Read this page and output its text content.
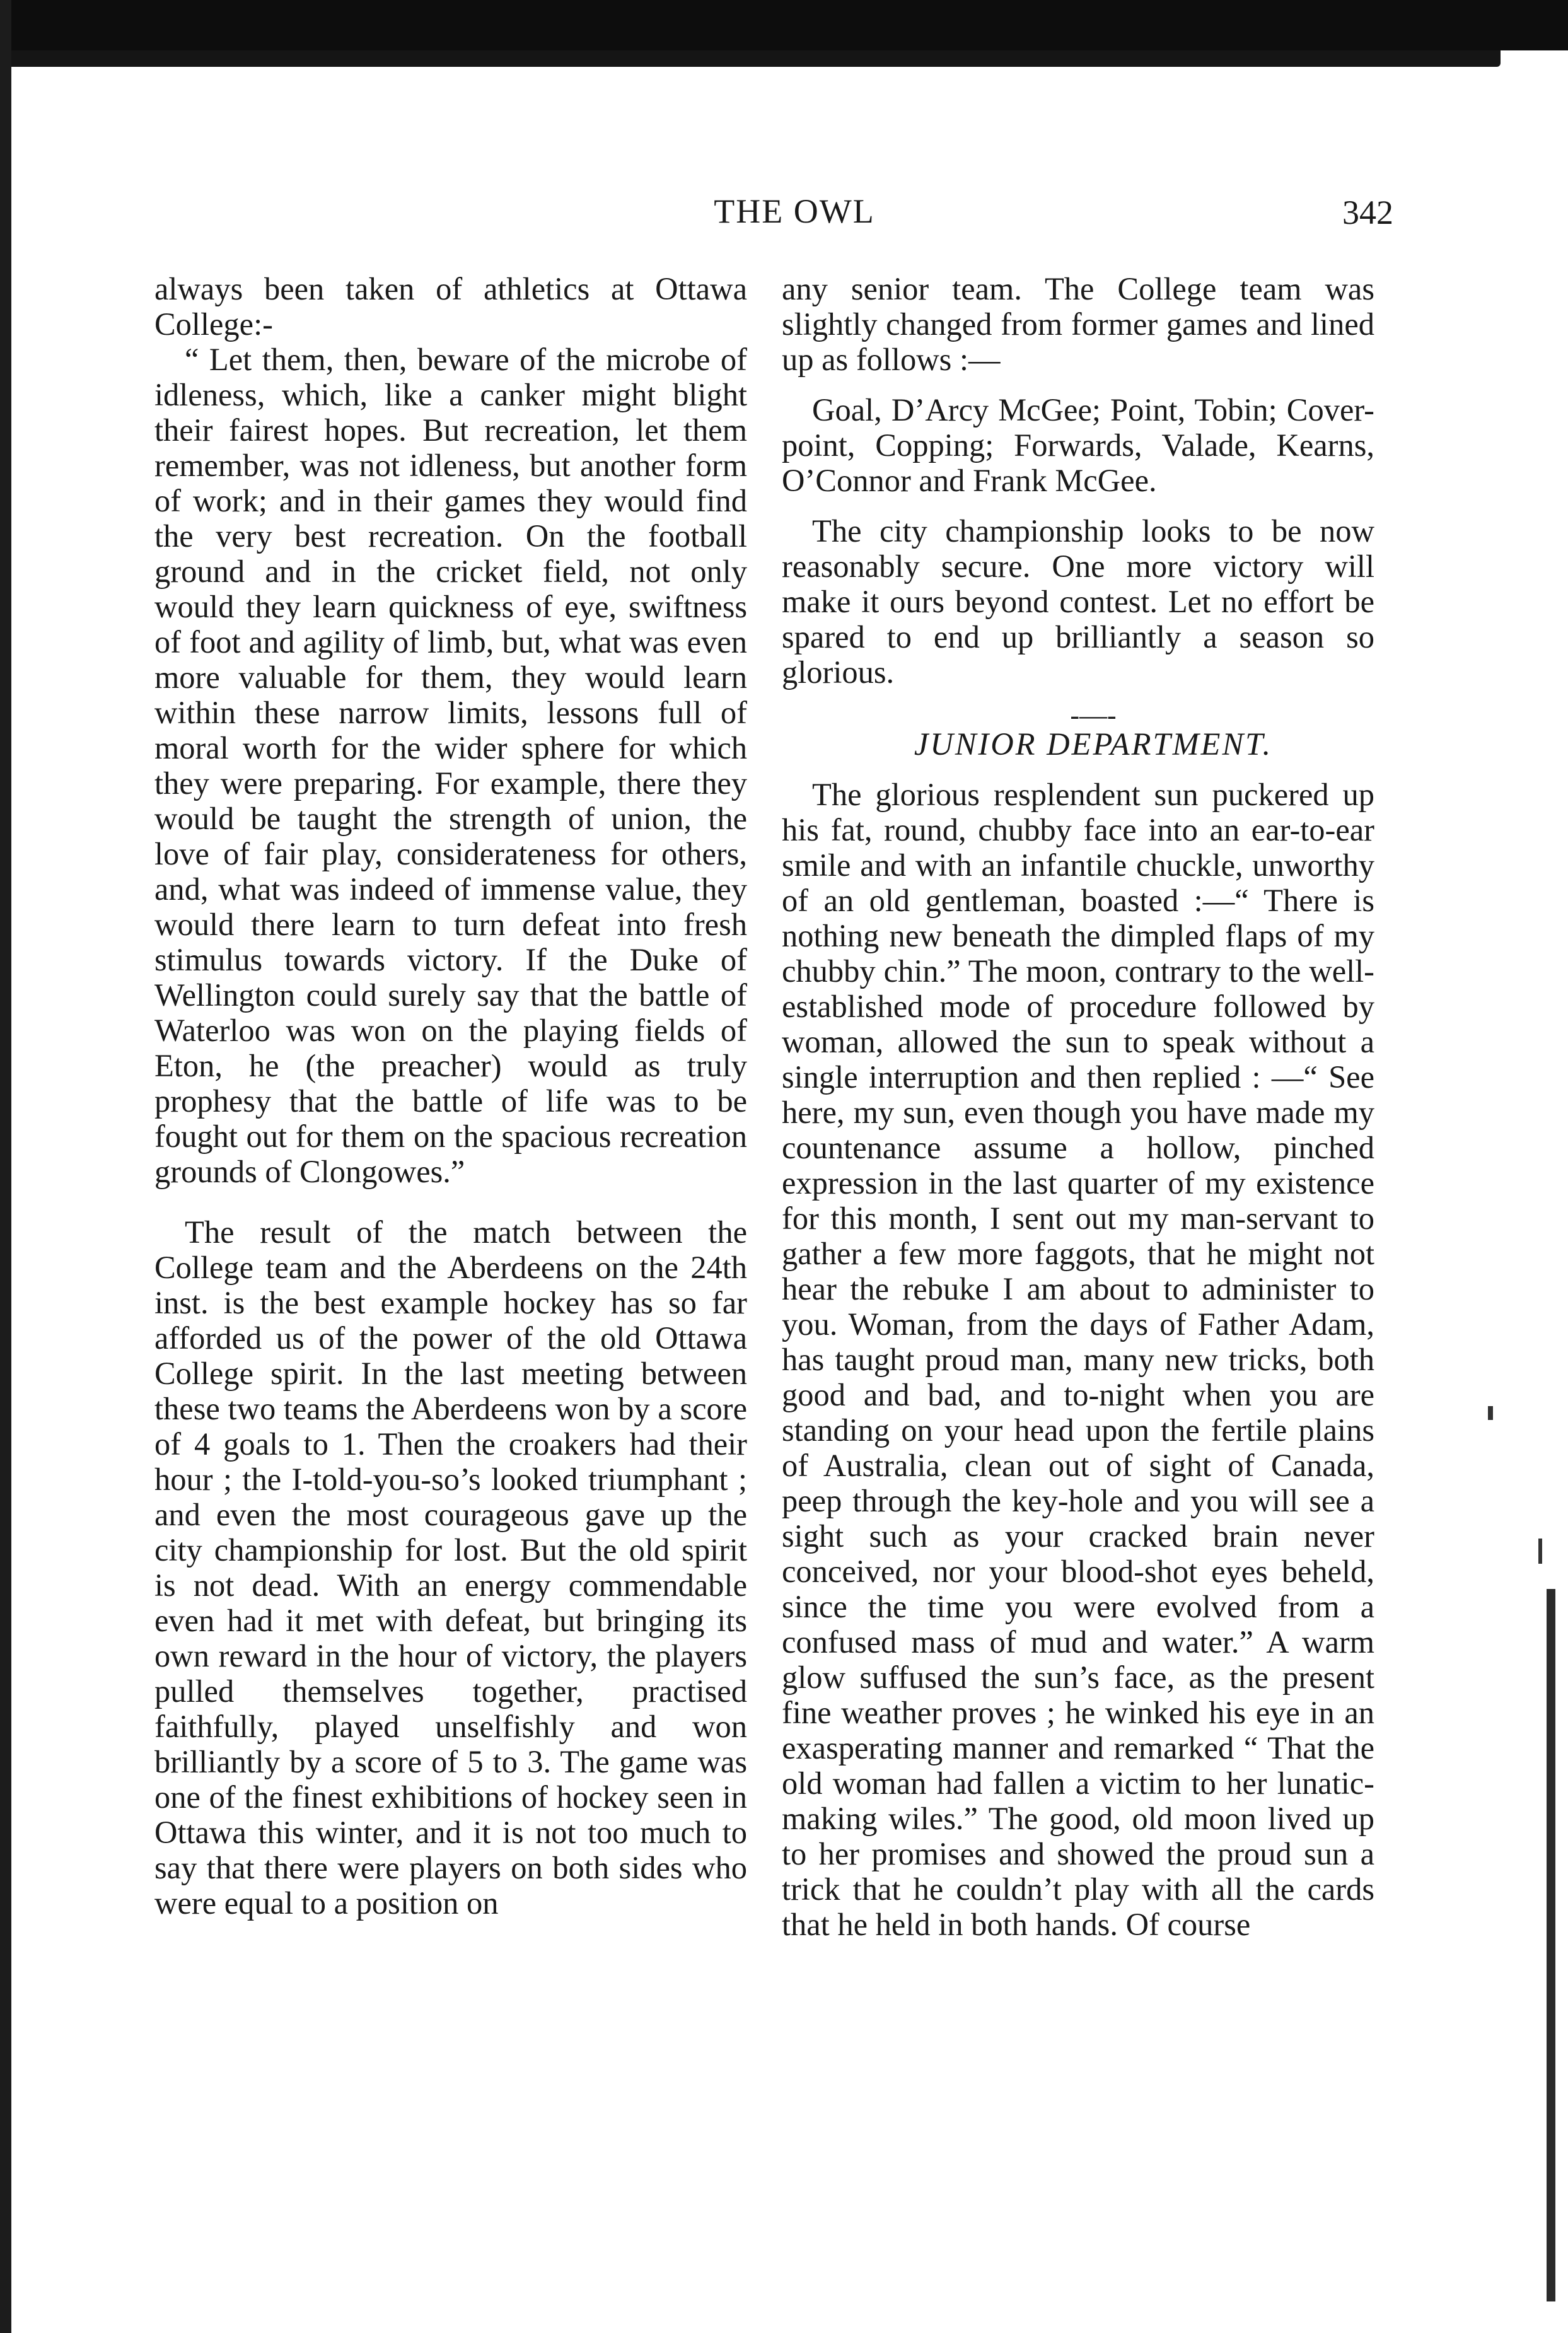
THE OWL	342

always been taken of athletics at Ottawa College:-

“ Let them, then, beware of the microbe of idleness, which, like a canker might blight their fairest hopes. But recreation, let them remember, was not idleness, but another form of work; and in their games they would find the very best recreation. On the football ground and in the cricket field, not only would they learn quickness of eye, swiftness of foot and agility of limb, but, what was even more valuable for them, they would learn within these narrow limits, lessons full of moral worth for the wider sphere for which they were preparing. For example, there they would be taught the strength of union, the love of fair play, considerateness for others, and, what was indeed of immense value, they would there learn to turn defeat into fresh stimulus towards victory. If the Duke of Wellington could surely say that the battle of Waterloo was won on the playing fields of Eton, he (the preacher) would as truly prophesy that the battle of life was to be fought out for them on the spacious recreation grounds of Clongowes.”

The result of the match between the College team and the Aberdeens on the 24th inst. is the best example hockey has so far afforded us of the power of the old Ottawa College spirit. In the last meeting between these two teams the Aberdeens won by a score of 4 goals to 1. Then the croakers had their hour ; the I-told-you-so’s looked triumphant ; and even the most courageous gave up the city championship for lost. But the old spirit is not dead. With an energy commendable even had it met with defeat, but bringing its own reward in the hour of victory, the players pulled themselves together, practised faithfully, played unselfishly and won brilliantly by a score of 5 to 3. The game was one of the finest exhibitions of hockey seen in Ottawa this winter, and it is not too much to say that there were players on both sides who were equal to a position on

any senior team. The College team was slightly changed from former games and lined up as follows :—

Goal, D’Arcy McGee; Point, Tobin; Cover-point, Copping; Forwards, Valade, Kearns, O’Connor and Frank McGee.

The city championship looks to be now reasonably secure. One more victory will make it ours beyond contest. Let no effort be spared to end up brilliantly a season so glorious.

-—-

JUNIOR DEPARTMENT.

The glorious resplendent sun puckered up his fat, round, chubby face into an ear-to-ear smile and with an infantile chuckle, unworthy of an old gentleman, boasted :—“ There is nothing new beneath the dimpled flaps of my chubby chin.” The moon, contrary to the well-established mode of procedure followed by woman, allowed the sun to speak without a single interruption and then replied : —“ See here, my sun, even though you have made my countenance assume a hollow, pinched expression in the last quarter of my existence for this month, I sent out my man-servant to gather a few more faggots, that he might not hear the rebuke I am about to administer to you. Woman, from the days of Father Adam, has taught proud man, many new tricks, both good and bad, and to-night when you are standing on your head upon the fertile plains of Australia, clean out of sight of Canada, peep through the key-hole and you will see a sight such as your cracked brain never conceived, nor your blood-shot eyes beheld, since the time you were evolved from a confused mass of mud and water.” A warm glow suffused the sun’s face, as the present fine weather proves ; he winked his eye in an exasperating manner and remarked “ That the old woman had fallen a victim to her lunatic-making wiles.” The good, old moon lived up to her promises and showed the proud sun a trick that he couldn’t play with all the cards that he held in both hands. Of course
